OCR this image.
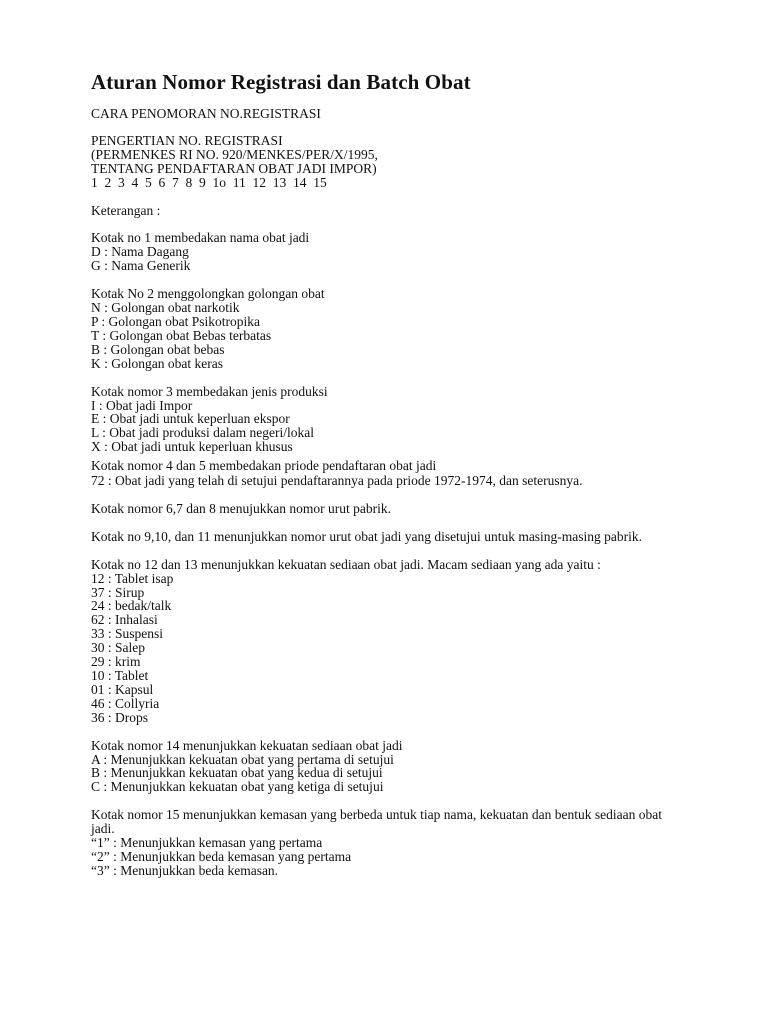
Aturan Nomor Registrasi dan Batch Obat
CARA PENOMORAN NO.REGISTRASI
PENGERTIAN NO. REGISTRASI
(PERMENKES RI NO. 920/MENKES/PER/X/1995,
TENTANG PENDAFTARAN OBAT JADI IMPOR)
1  2  3  4  5  6  7  8  9  1o  11  12  13  14  15
Keterangan :
Kotak no 1 membedakan nama obat jadi
D : Nama Dagang
G : Nama Generik
Kotak No 2 menggolongkan golongan obat
N : Golongan obat narkotik
P : Golongan obat Psikotropika
T : Golongan obat Bebas terbatas
B : Golongan obat bebas
K : Golongan obat keras
Kotak nomor 3 membedakan jenis produksi
I : Obat jadi Impor
E : Obat jadi untuk keperluan ekspor
L : Obat jadi produksi dalam negeri/lokal
X : Obat jadi untuk keperluan khusus
Kotak nomor 4 dan 5 membedakan priode pendaftaran obat jadi
72 : Obat jadi yang telah di setujui pendaftarannya pada priode 1972-1974, dan seterusnya.
Kotak nomor 6,7 dan 8 menujukkan nomor urut pabrik.
Kotak no 9,10, dan 11 menunjukkan nomor urut obat jadi yang disetujui untuk masing-masing pabrik.
Kotak no 12 dan 13 menunjukkan kekuatan sediaan obat jadi. Macam sediaan yang ada yaitu :
12 : Tablet isap
37 : Sirup
24 : bedak/talk
62 : Inhalasi
33 : Suspensi
30 : Salep
29 : krim
10 : Tablet
01 : Kapsul
46 : Collyria
36 : Drops
Kotak nomor 14 menunjukkan kekuatan sediaan obat jadi
A : Menunjukkan kekuatan obat yang pertama di setujui
B : Menunjukkan kekuatan obat yang kedua di setujui
C : Menunjukkan kekuatan obat yang ketiga di setujui
Kotak nomor 15 menunjukkan kemasan yang berbeda untuk tiap nama, kekuatan dan bentuk sediaan obat jadi.
“1” : Menunjukkan kemasan yang pertama
“2” : Menunjukkan beda kemasan yang pertama
“3” : Menunjukkan beda kemasan.
